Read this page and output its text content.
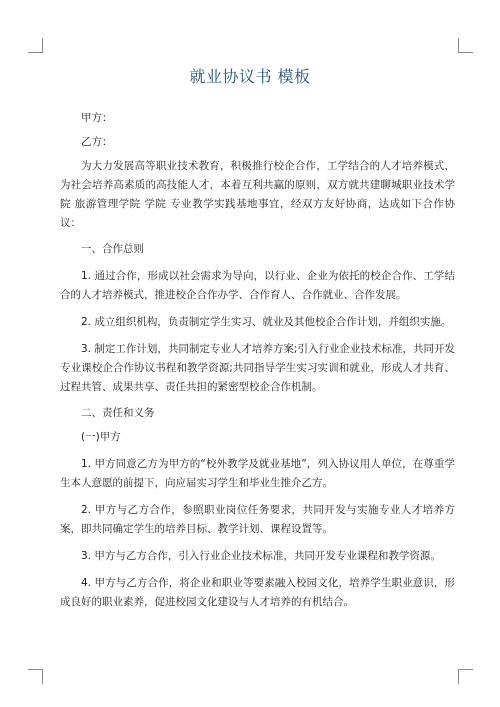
就业协议书 模板

甲方：

乙方：

为大力发展高等职业技术教育，积极推行校企合作，工学结合的人才培养模式，为社会培养高素质的高技能人才，本着互利共赢的原则，双方就共建聊城职业技术学院 旅游管理学院 学院 专业教学实践基地事宜，经双方友好协商，达成如下合作协议：

一、合作总则

1. 通过合作，形成以社会需求为导向，以行业、企业为依托的校企合作、工学结合的人才培养模式，推进校企合作办学、合作育人、合作就业、合作发展。

2. 成立组织机构，负责制定学生实习、就业及其他校企合作计划，并组织实施。

3. 制定工作计划，共同制定专业人才培养方案;引入行业企业技术标准，共同开发专业课校企合作协议书程和教学资源;共同指导学生实习实训和就业，形成人才共育、过程共管、成果共享、责任共担的紧密型校企合作机制。

二、责任和义务

(一)甲方

1. 甲方同意乙方为甲方的“校外教学及就业基地”，列入协议用人单位，在尊重学生本人意愿的前提下，向应届实习学生和毕业生推介乙方。

2. 甲方与乙方合作，参照职业岗位任务要求，共同开发与实施专业人才培养方案，即共同确定学生的培养目标、教学计划、课程设置等。

3. 甲方与乙方合作，引入行业企业技术标准，共同开发专业课程和教学资源。

4. 甲方与乙方合作，将企业和职业等要素融入校园文化，培养学生职业意识，形成良好的职业素养，促进校园文化建设与人才培养的有机结合。
